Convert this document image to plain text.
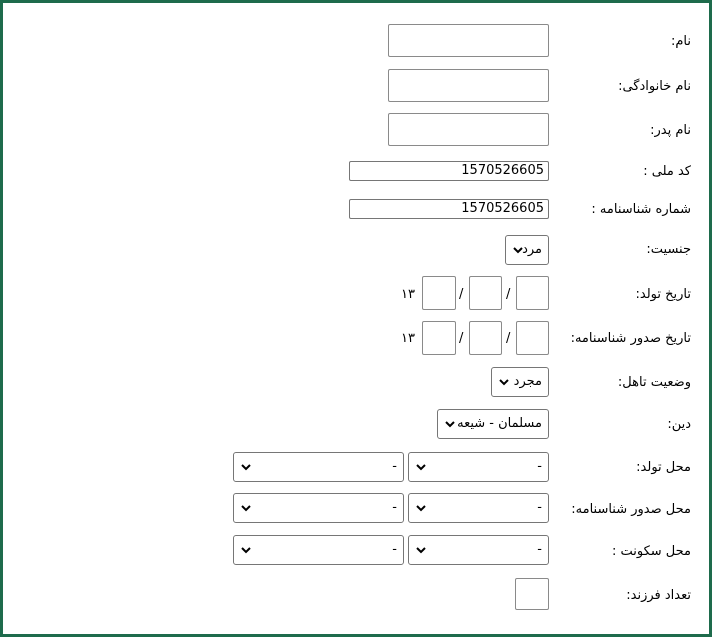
نام:
نام خانوادگی:
نام پدر:
کد ملی :
1570526605
شماره شناسنامه :
1570526605
جنسیت:
مرد
تاریخ تولد:
/
/
۱۳
تاریخ صدور شناسنامه:
/
/
۱۳
وضعیت تاهل:
مجرد
دین:
مسلمان - شیعه
محل تولد:
-
-
محل صدور شناسنامه:
-
-
محل سکونت :
-
-
تعداد فرزند:
